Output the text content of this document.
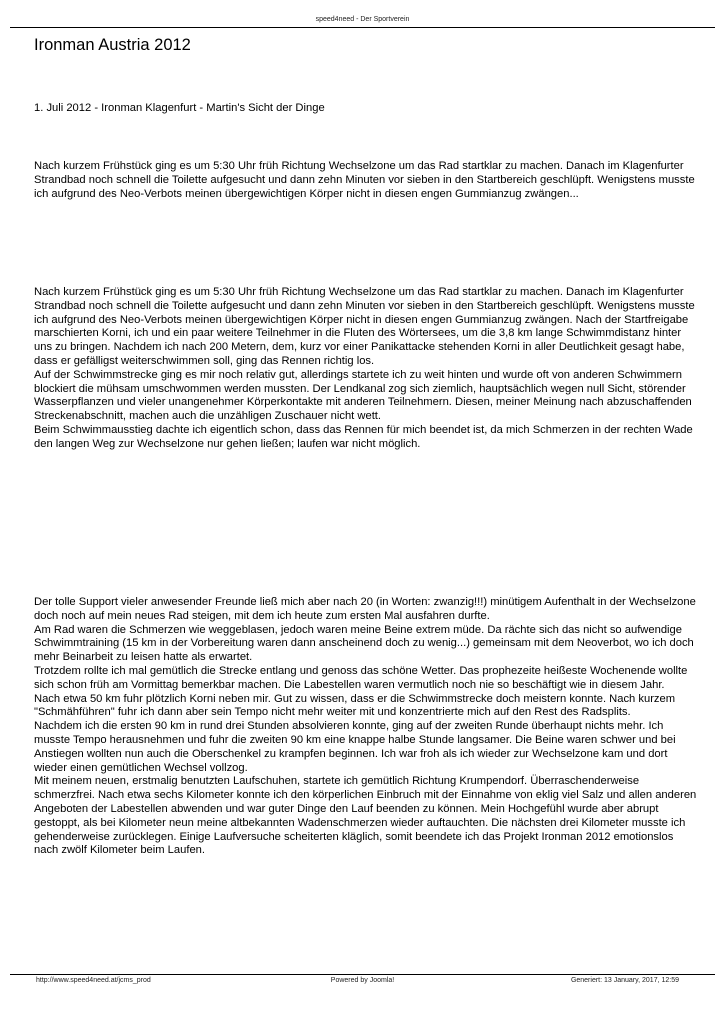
speed4need - Der Sportverein
Ironman Austria 2012

1. Juli 2012 - Ironman Klagenfurt - Martin's Sicht der Dinge

Nach kurzem Frühstück ging es um 5:30 Uhr früh Richtung Wechselzone um das Rad startklar zu machen. Danach im Klagenfurter Strandbad noch schnell die Toilette aufgesucht und dann zehn Minuten vor sieben in den Startbereich geschlüpft. Wenigstens musste ich aufgrund des Neo-Verbots meinen übergewichtigen Körper nicht in diesen engen Gummianzug zwängen...

Nach kurzem Frühstück ging es um 5:30 Uhr früh Richtung Wechselzone um das Rad startklar zu machen. Danach im Klagenfurter Strandbad noch schnell die Toilette aufgesucht und dann zehn Minuten vor sieben in den Startbereich geschlüpft. Wenigstens musste ich aufgrund des Neo-Verbots meinen übergewichtigen Körper nicht in diesen engen Gummianzug zwängen. Nach der Startfreigabe marschierten Korni, ich und ein paar weitere Teilnehmer in die Fluten des Wörtersees, um die 3,8 km lange Schwimmdistanz hinter uns zu bringen. Nachdem ich nach 200 Metern, dem, kurz vor einer Panikattacke stehenden Korni in aller Deutlichkeit gesagt habe, dass er gefälligst weiterschwimmen soll, ging das Rennen richtig los.

Auf der Schwimmstrecke ging es mir noch relativ gut, allerdings startete ich zu weit hinten und wurde oft von anderen Schwimmern blockiert die mühsam umschwommen werden mussten. Der Lendkanal zog sich ziemlich, hauptsächlich wegen null Sicht, störender Wasserpflanzen und vieler unangenehmer Körperkontakte mit anderen Teilnehmern. Diesen, meiner Meinung nach abzuschaffenden Streckenabschnitt, machen auch die unzähligen Zuschauer nicht wett.

Beim Schwimmausstieg dachte ich eigentlich schon, dass das Rennen für mich beendet ist, da mich Schmerzen in der rechten Wade den langen Weg zur Wechselzone nur gehen ließen; laufen war nicht möglich.

Der tolle Support vieler anwesender Freunde ließ mich aber nach 20 (in Worten: zwanzig!!!) minütigem Aufenthalt in der Wechselzone doch noch auf mein neues Rad steigen, mit dem ich heute zum ersten Mal ausfahren durfte.

Am Rad waren die Schmerzen wie weggeblasen, jedoch waren meine Beine extrem müde. Da rächte sich das nicht so aufwendige Schwimmtraining (15 km in der Vorbereitung waren dann anscheinend doch zu wenig...) gemeinsam mit dem Neoverbot, wo ich doch mehr Beinarbeit zu leisen hatte als erwartet.

Trotzdem rollte ich mal gemütlich die Strecke entlang und genoss das schöne Wetter. Das prophezeite heißeste Wochenende wollte sich schon früh am Vormittag bemerkbar machen. Die Labestellen waren vermutlich noch nie so beschäftigt wie in diesem Jahr.

Nach etwa 50 km fuhr plötzlich Korni neben mir. Gut zu wissen, dass er die Schwimmstrecke doch meistern konnte. Nach kurzem "Schmähführen" fuhr ich dann aber sein Tempo nicht mehr weiter mit und konzentrierte mich auf den Rest des Radsplits.

Nachdem ich die ersten 90 km in rund drei Stunden absolvieren konnte, ging auf der zweiten Runde überhaupt nichts mehr. Ich musste Tempo herausnehmen und fuhr die zweiten 90 km eine knappe halbe Stunde langsamer. Die Beine waren schwer und bei Anstiegen wollten nun auch die Oberschenkel zu krampfen beginnen. Ich war froh als ich wieder zur Wechselzone kam und dort wieder einen gemütlichen Wechsel vollzog.

Mit meinem neuen, erstmalig benutzten Laufschuhen, startete ich gemütlich Richtung Krumpendorf. Überraschenderweise schmerzfrei. Nach etwa sechs Kilometer konnte ich den körperlichen Einbruch mit der Einnahme von eklig viel Salz und allen anderen Angeboten der Labestellen abwenden und war guter Dinge den Lauf beenden zu können. Mein Hochgefühl wurde aber abrupt gestoppt, als bei Kilometer neun meine altbekannten Wadenschmerzen wieder auftauchten. Die nächsten drei Kilometer musste ich gehenderweise zurücklegen. Einige Laufversuche scheiterten kläglich, somit beendete ich das Projekt Ironman 2012 emotionslos nach zwölf Kilometer beim Laufen.

http://www.speed4need.at/jcms_prod	Powered by Joomla!	Generiert: 13 January, 2017, 12:59
